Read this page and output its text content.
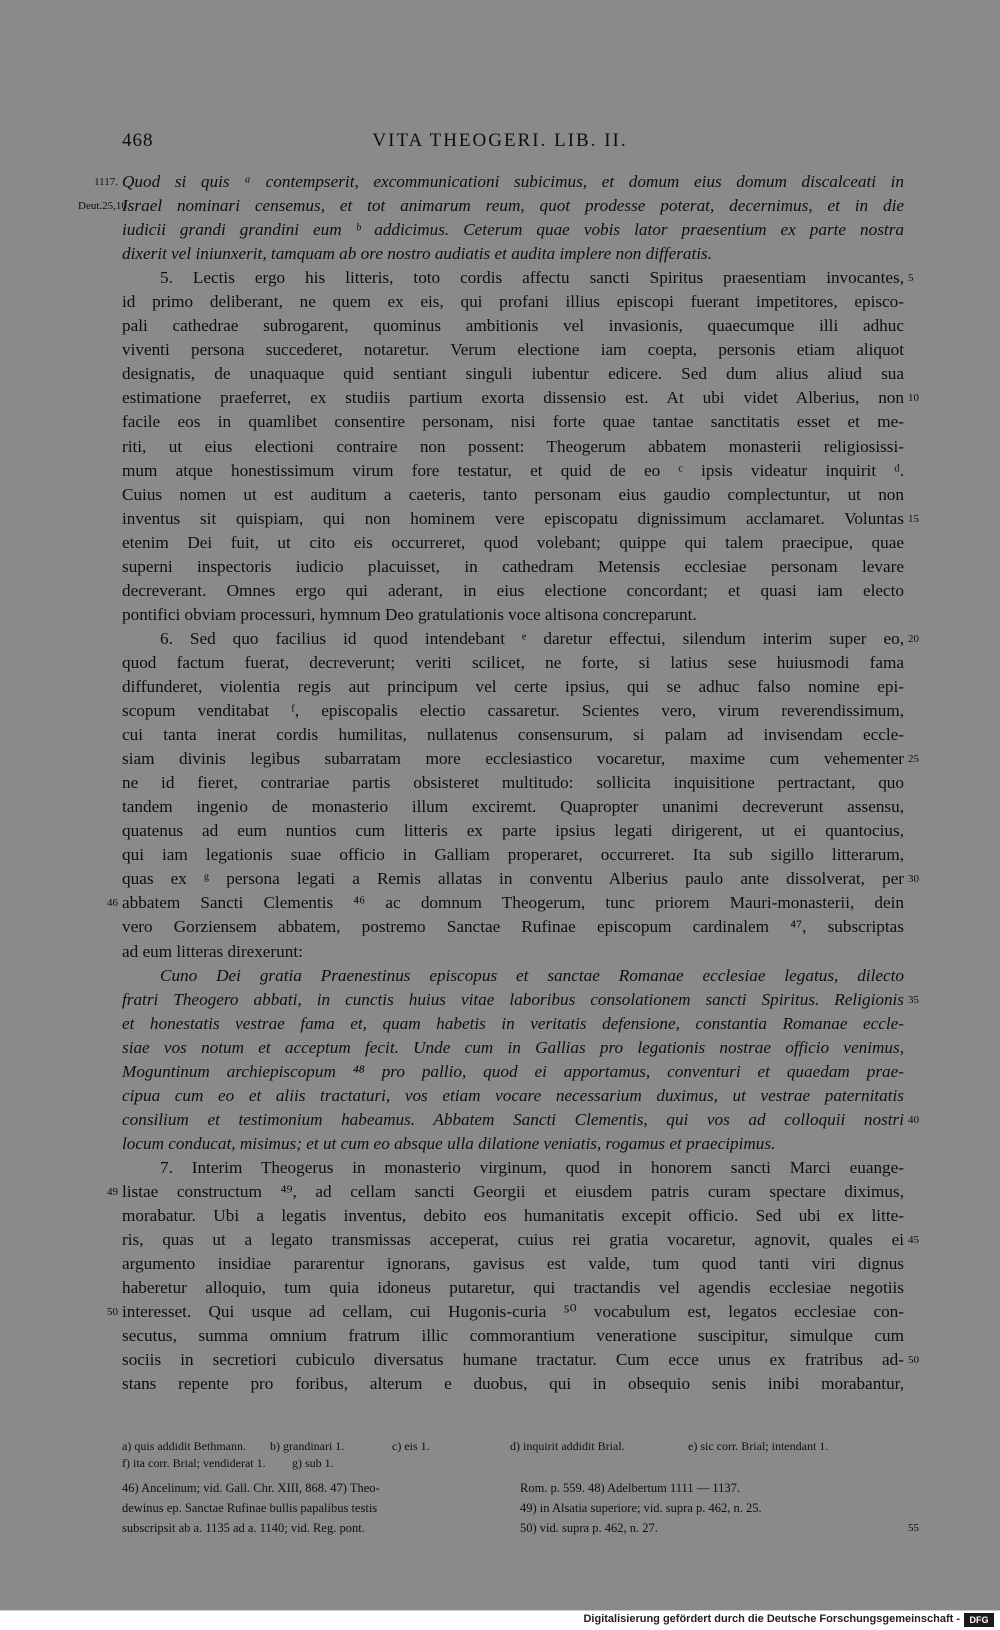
468	VITA THEOGERI. LIB. II.
1117. Quod si quis ᵃ contempserit, excommunicationi subicimus, et domum eius domum discalceati in
Deut.25,10.
Israel nominari censemus, et tot animarum reum, quot prodesse poterat, decernimus, et in die
iudicii grandi grandini eum ᵇ addicimus. Ceterum quae vobis lator praesentium ex parte nostra
dixerit vel iniunxerit, tamquam ab ore nostro audiatis et audita implere non differatis.
5. Lectis ergo his litteris, toto cordis affectu sancti Spiritus praesentiam invocantes, 5
id primo deliberant, ne quem ex eis, qui profani illius episcopi fuerant impetitores, episco-
pali cathedrae subrogarent, quominus ambitionis vel invasionis, quaecumque illi adhuc
viventi persona succederet, notaretur. Verum electione iam coepta, personis etiam aliquot
designatis, de unaquaque quid sentiant singuli iubentur edicere. Sed dum alius aliud sua
estimatione praeferret, ex studiis partium exorta dissensio est. At ubi videt Alberius, non 10
facile eos in quamlibet consentire personam, nisi forte quae tantae sanctitatis esset et me-
riti, ut eius electioni contraire non possent: Theogerum abbatem monasterii religiosissi-
mum atque honestissimum virum fore testatur, et quid de eo ᶜ ipsis videatur inquirit ᵈ.
Cuius nomen ut est auditum a caeteris, tanto personam eius gaudio complectuntur, ut non
inventus sit quispiam, qui non hominem vere episcopatu dignissimum acclamaret. Voluntas 15
etenim Dei fuit, ut cito eis occurreret, quod volebant; quippe qui talem praecipue, quae
superni inspectoris iudicio placuisset, in cathedram Metensis ecclesiae personam levare
decreverant. Omnes ergo qui aderant, in eius electione concordant; et quasi iam electo
pontifici obviam processuri, hymnum Deo gratulationis voce altisona concreparunt.
6. Sed quo facilius id quod intendebant ᵉ daretur effectui, silendum interim super eo, 20
quod factum fuerat, decreverunt; veriti scilicet, ne forte, si latius sese huiusmodi fama
diffunderet, violentia regis aut principum vel certe ipsius, qui se adhuc falso nomine epi-
scopum venditabat ᶠ, episcopalis electio cassaretur. Scientes vero, virum reverendissimum,
cui tanta inerat cordis humilitas, nullatenus consensurum, si palam ad invisendam eccle-
siam divinis legibus subarratam more ecclesiastico vocaretur, maxime cum vehementer 25
ne id fieret, contrariae partis obsisteret multitudo: sollicita inquisitione pertractant, quo
tandem ingenio de monasterio illum exciremt. Quapropter unanimi decreverunt assensu,
quatenus ad eum nuntios cum litteris ex parte ipsius legati dirigerent, ut ei quantocius,
qui iam legationis suae officio in Galliam properaret, occurreret. Ita sub sigillo litterarum,
quas ex ᵍ persona legati a Remis allatas in conventu Alberius paulo ante dissolverat, per 30
46 abbatem Sancti Clementis ⁴⁶ ac domnum Theogerum, tunc priorem Mauri-monasterii, dein
vero Gorziensem abbatem, postremo Sanctae Rufinae episcopum cardinalem ⁴⁷, subscriptas
ad eum litteras direxerunt:
Cuno Dei gratia Praenestinus episcopus et sanctae Romanae ecclesiae legatus, dilecto
fratri Theogero abbati, in cunctis huius vitae laboribus consolationem sancti Spiritus. Religionis 35
et honestatis vestrae fama et, quam habetis in veritatis defensione, constantia Romanae eccle-
siae vos notum et acceptum fecit. Unde cum in Gallias pro legationis nostrae officio venimus,
Moguntinum archiepiscopum ⁴⁸ pro pallio, quod ei apportamus, conventuri et quaedam prae-
cipua cum eo et aliis tractaturi, vos etiam vocare necessarium duximus, ut vestrae paternitatis
consilium et testimonium habeamus. Abbatem Sancti Clementis, qui vos ad colloquii nostri 40
locum conducat, misimus; et ut cum eo absque ulla dilatione veniatis, rogamus et praecipimus.
7. Interim Theogerus in monasterio virginum, quod in honorem sancti Marci euange-
49 listae constructum ⁴⁹, ad cellam sancti Georgii et eiusdem patris curam spectare diximus,
morabatur. Ubi a legatis inventus, debito eos humanitatis excepit officio. Sed ubi ex litte-
ris, quas ut a legato transmissas acceperat, cuius rei gratia vocaretur, agnovit, quales ei 45
argumento insidiae pararentur ignorans, gavisus est valde, tum quod tanti viri dignus
haberetur alloquio, tum quia idoneus putaretur, qui tractandis vel agendis ecclesiae negotiis
50 interesset. Qui usque ad cellam, cui Hugonis-curia ⁵⁰ vocabulum est, legatos ecclesiae con-
secutus, summa omnium fratrum illic commorantium veneratione suscipitur, simulque cum
sociis in secretiori cubiculo diversatus humane tractatur. Cum ecce unus ex fratribus ad- 50
stans repente pro foribus, alterum e duobus, qui in obsequio senis inibi morabantur,
a) quis addidit Bethmann. b) grandinari 1.	c) eis 1.	d) inquirit addidit Brial.	e) sic corr. Brial; intendant 1.
f) ita corr. Brial; vendiderat 1. g) sub 1.
46) Ancelinum; vid. Gall. Chr. XIII, 868. 47) Theo-
dewinus ep. Sanctae Rufinae bullis papalibus testis
subscripsit ab a. 1135 ad a. 1140; vid. Reg. pont.
Rom. p. 559. 48) Adelbertum 1111 — 1137.
49) in Alsatia superiore; vid. supra p. 462, n. 25.
50) vid. supra p. 462, n. 27.	55
Digitalisierung gefördert durch die Deutsche Forschungsgemeinschaft -	DFG
